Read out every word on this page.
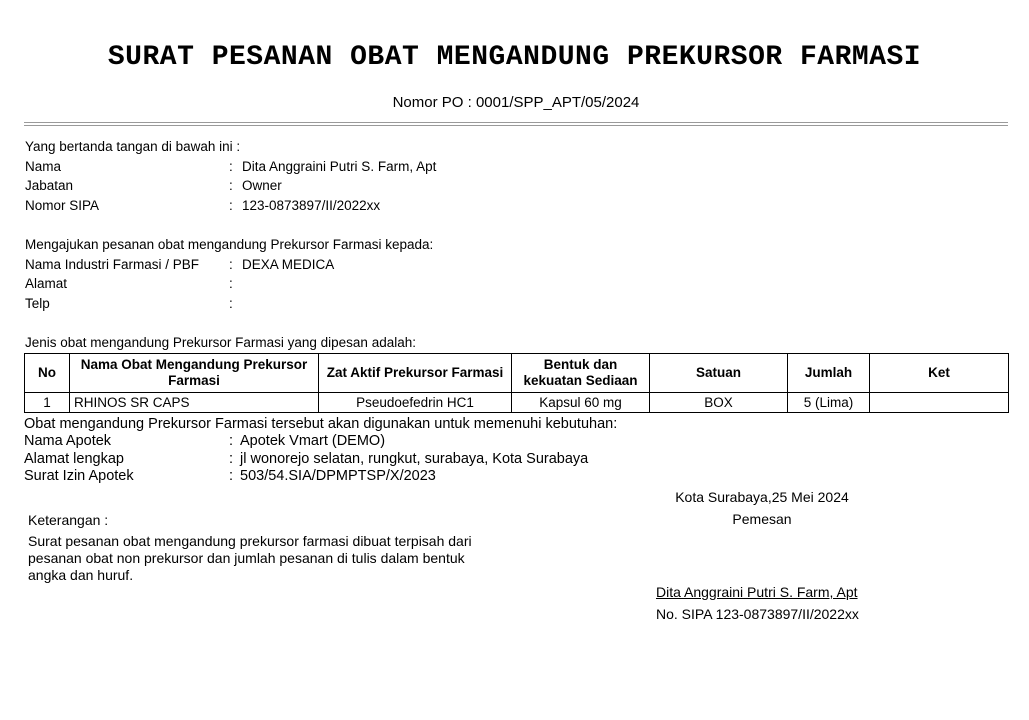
SURAT PESANAN OBAT MENGANDUNG PREKURSOR FARMASI
Nomor PO : 0001/SPP_APT/05/2024
Yang bertanda tangan di bawah ini :
Nama	: Dita Anggraini Putri S. Farm, Apt
Jabatan	: Owner
Nomor SIPA	: 123-0873897/II/2022xx
Mengajukan pesanan obat mengandung Prekursor Farmasi kepada:
Nama Industri Farmasi / PBF : DEXA MEDICA
Alamat	:
Telp	:
Jenis obat mengandung Prekursor Farmasi yang dipesan adalah:
No	Nama Obat Mengandung Prekursor Farmasi	Zat Aktif Prekursor Farmasi	Bentuk dan kekuatan Sediaan	Satuan	Jumlah	Ket
1	RHINOS SR CAPS	Pseudoefedrin HC1	Kapsul 60 mg	BOX	5 (Lima)	
Obat mengandung Prekursor Farmasi tersebut akan digunakan untuk memenuhi kebutuhan:
Nama Apotek	: Apotek Vmart (DEMO)
Alamat lengkap	: jl wonorejo selatan, rungkut, surabaya, Kota Surabaya
Surat Izin Apotek	: 503/54.SIA/DPMPTSP/X/2023
Keterangan :
Surat pesanan obat mengandung prekursor farmasi dibuat terpisah dari
pesanan obat non prekursor dan jumlah pesanan di tulis dalam bentuk
angka dan huruf.
Kota Surabaya,25 Mei 2024
Pemesan
Dita Anggraini Putri S. Farm, Apt
No. SIPA 123-0873897/II/2022xx
